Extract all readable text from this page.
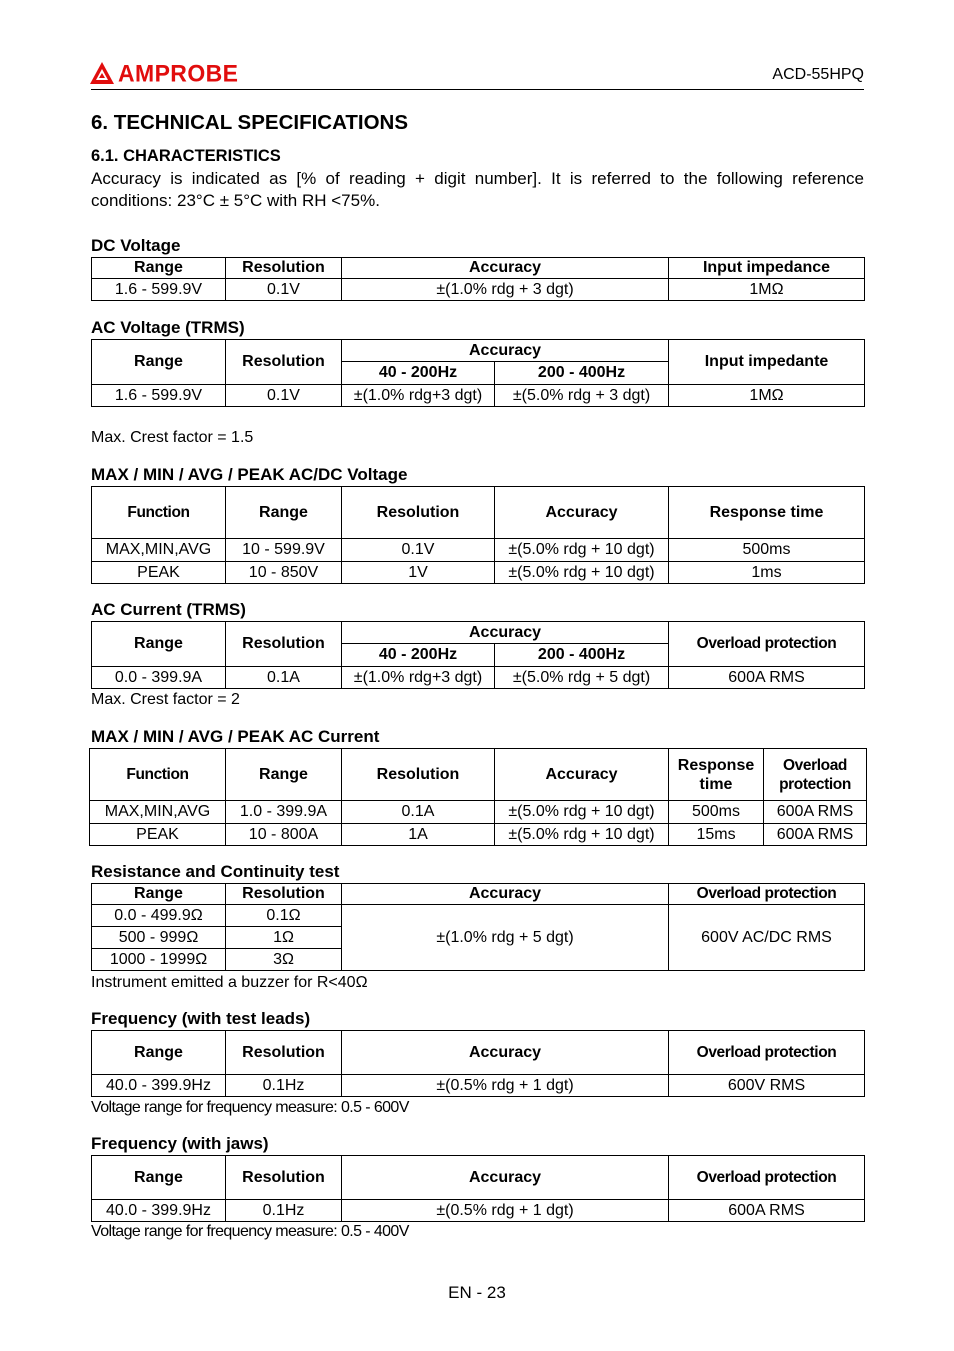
AMPROBE	ACD-55HPQ
6. TECHNICAL SPECIFICATIONS
6.1. CHARACTERISTICS
Accuracy is indicated as [% of reading + digit number]. It is referred to the following reference conditions: 23°C ± 5°C with RH <75%.
DC Voltage
Range	Resolution	Accuracy	Input impedance
1.6 - 599.9V	0.1V	±(1.0% rdg + 3 dgt)	1MΩ
AC Voltage (TRMS)
Range	Resolution	Accuracy		Input impedante
		40 - 200Hz	200 - 400Hz	
1.6 - 599.9V	0.1V	±(1.0% rdg+3 dgt)	±(5.0% rdg + 3 dgt)	1MΩ
Max. Crest factor = 1.5
MAX / MIN / AVG / PEAK AC/DC Voltage
Function	Range	Resolution	Accuracy	Response time
MAX,MIN,AVG	10 - 599.9V	0.1V	±(5.0% rdg + 10 dgt)	500ms
PEAK	10 - 850V	1V	±(5.0% rdg + 10 dgt)	1ms
AC Current (TRMS)
Range	Resolution	Accuracy		Overload protection
		40 - 200Hz	200 - 400Hz	
0.0 - 399.9A	0.1A	±(1.0% rdg+3 dgt)	±(5.0% rdg + 5 dgt)	600A RMS
Max. Crest factor = 2
MAX / MIN / AVG / PEAK AC Current
Function	Range	Resolution	Accuracy	Response time	Overload protection
MAX,MIN,AVG	1.0 - 399.9A	0.1A	±(5.0% rdg + 10 dgt)	500ms	600A RMS
PEAK	10 - 800A	1A	±(5.0% rdg + 10 dgt)	15ms	600A RMS
Resistance and Continuity test
Range	Resolution	Accuracy	Overload protection
0.0 - 499.9Ω	0.1Ω	±(1.0% rdg + 5 dgt)	600V AC/DC RMS
500 - 999Ω	1Ω		
1000 - 1999Ω	3Ω		
Instrument emitted a buzzer for R<40Ω
Frequency (with test leads)
Range	Resolution	Accuracy	Overload protection
40.0 - 399.9Hz	0.1Hz	±(0.5% rdg + 1 dgt)	600V RMS
Voltage range for frequency measure: 0.5 - 600V
Frequency (with jaws)
Range	Resolution	Accuracy	Overload protection
40.0 - 399.9Hz	0.1Hz	±(0.5% rdg + 1 dgt)	600A RMS
Voltage range for frequency measure: 0.5 - 400V
EN - 23
